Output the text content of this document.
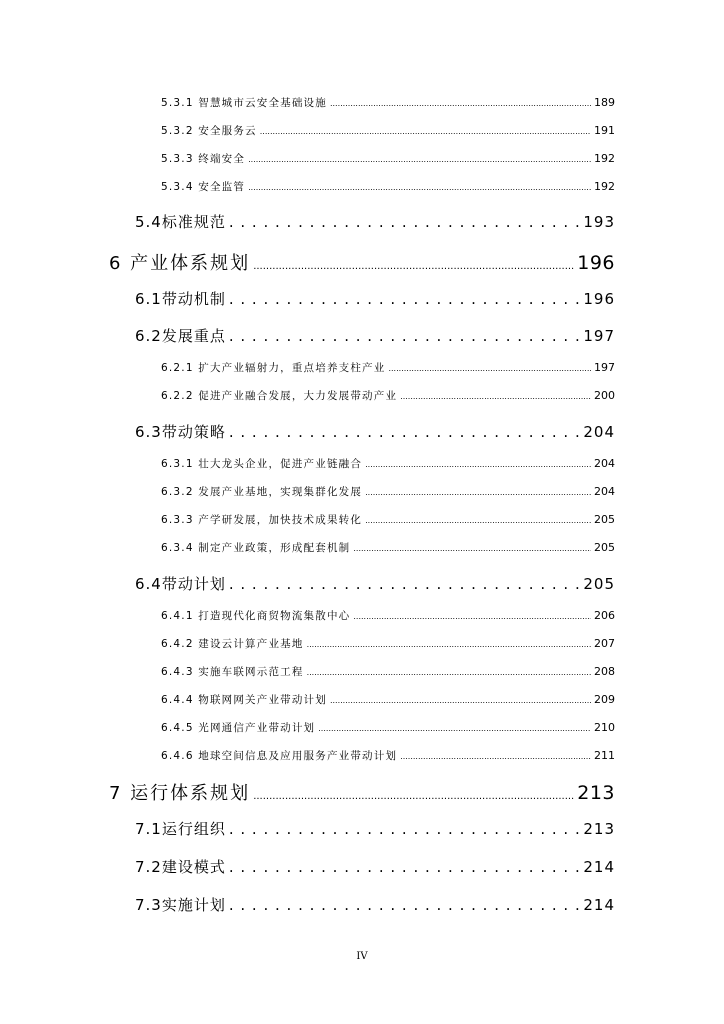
5.3.1 智慧城市云安全基础设施 .....	189
5.3.2 安全服务云 .....	191
5.3.3 终端安全 .....	192
5.3.4 安全监管 .....	192
5.4标准规范 . . .	193
6 产业体系规划 .....	196
6.1带动机制 . . .	196
6.2发展重点 . . .	197
6.2.1 扩大产业辐射力，重点培养支柱产业 .....	197
6.2.2 促进产业融合发展，大力发展带动产业 .....	200
6.3带动策略 . . .	204
6.3.1 壮大龙头企业，促进产业链融合 .....	204
6.3.2 发展产业基地，实现集群化发展 .....	204
6.3.3 产学研发展，加快技术成果转化 .....	205
6.3.4 制定产业政策，形成配套机制 .....	205
6.4带动计划 . . .	205
6.4.1 打造现代化商贸物流集散中心 .....	206
6.4.2 建设云计算产业基地 .....	207
6.4.3 实施车联网示范工程 .....	208
6.4.4 物联网网关产业带动计划 .....	209
6.4.5 光网通信产业带动计划 .....	210
6.4.6 地球空间信息及应用服务产业带动计划 .....	211
7 运行体系规划 .....	213
7.1运行组织 . . .	213
7.2建设模式 . . .	214
7.3实施计划 . . .	214
IV
